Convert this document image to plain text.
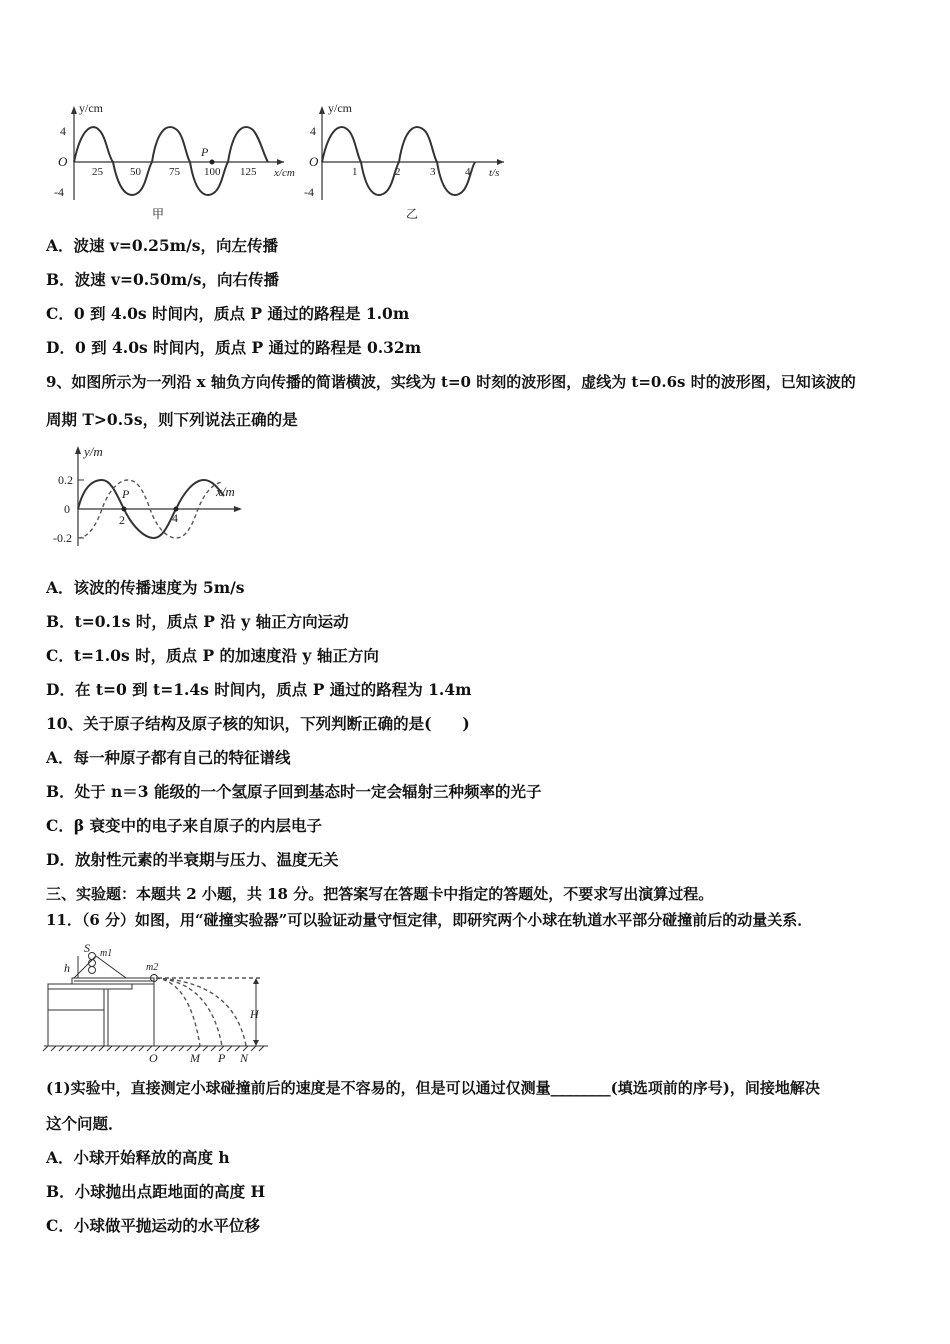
y/cm
O
4
-4
25 50	75 100 125
P
x/cm
甲
y/cm
O
4
-4
1	2	3	4 t/s
乙
A．波速 v=0.25m/s，向左传播
B．波速 v=0.50m/s，向右传播
C．0 到 4.0s 时间内，质点 P 通过的路程是 1.0m
D．0 到 4.0s 时间内，质点 P 通过的路程是 0.32m
9、如图所示为一列沿 x 轴负方向传播的简谐横波，实线为 t=0 时刻的波形图，虚线为 t=0.6s 时的波形图，已知该波的
周期 T>0.5s，则下列说法正确的是
y/m
0.2
0
-0.2
2	4
P	x/m
A．该波的传播速度为 5m/s
B．t=0.1s 时，质点 P 沿 y 轴正方向运动
C．t=1.0s 时，质点 P 的加速度沿 y 轴正方向
D．在 t=0 到 t=1.4s 时间内，质点 P 通过的路程为 1.4m
10、关于原子结构及原子核的知识，下列判断正确的是(　　)
A．每一种原子都有自己的特征谱线
B．处于 n＝3 能级的一个氢原子回到基态时一定会辐射三种频率的光子
C．β 衰变中的电子来自原子的内层电子
D．放射性元素的半衰期与压力、温度无关
三、实验题：本题共 2 小题，共 18 分。把答案写在答题卡中指定的答题处，不要求写出演算过程。
11．（6 分）如图，用“碰撞实验器”可以验证动量守恒定律，即研究两个小球在轨道水平部分碰撞前后的动量关系．
S m1
h	m2
H
O	M P N
(1)实验中，直接测定小球碰撞前后的速度是不容易的，但是可以通过仅测量________(填选项前的序号)，间接地解决
这个问题．
A．小球开始释放的高度 h
B．小球抛出点距地面的高度 H
C．小球做平抛运动的水平位移
